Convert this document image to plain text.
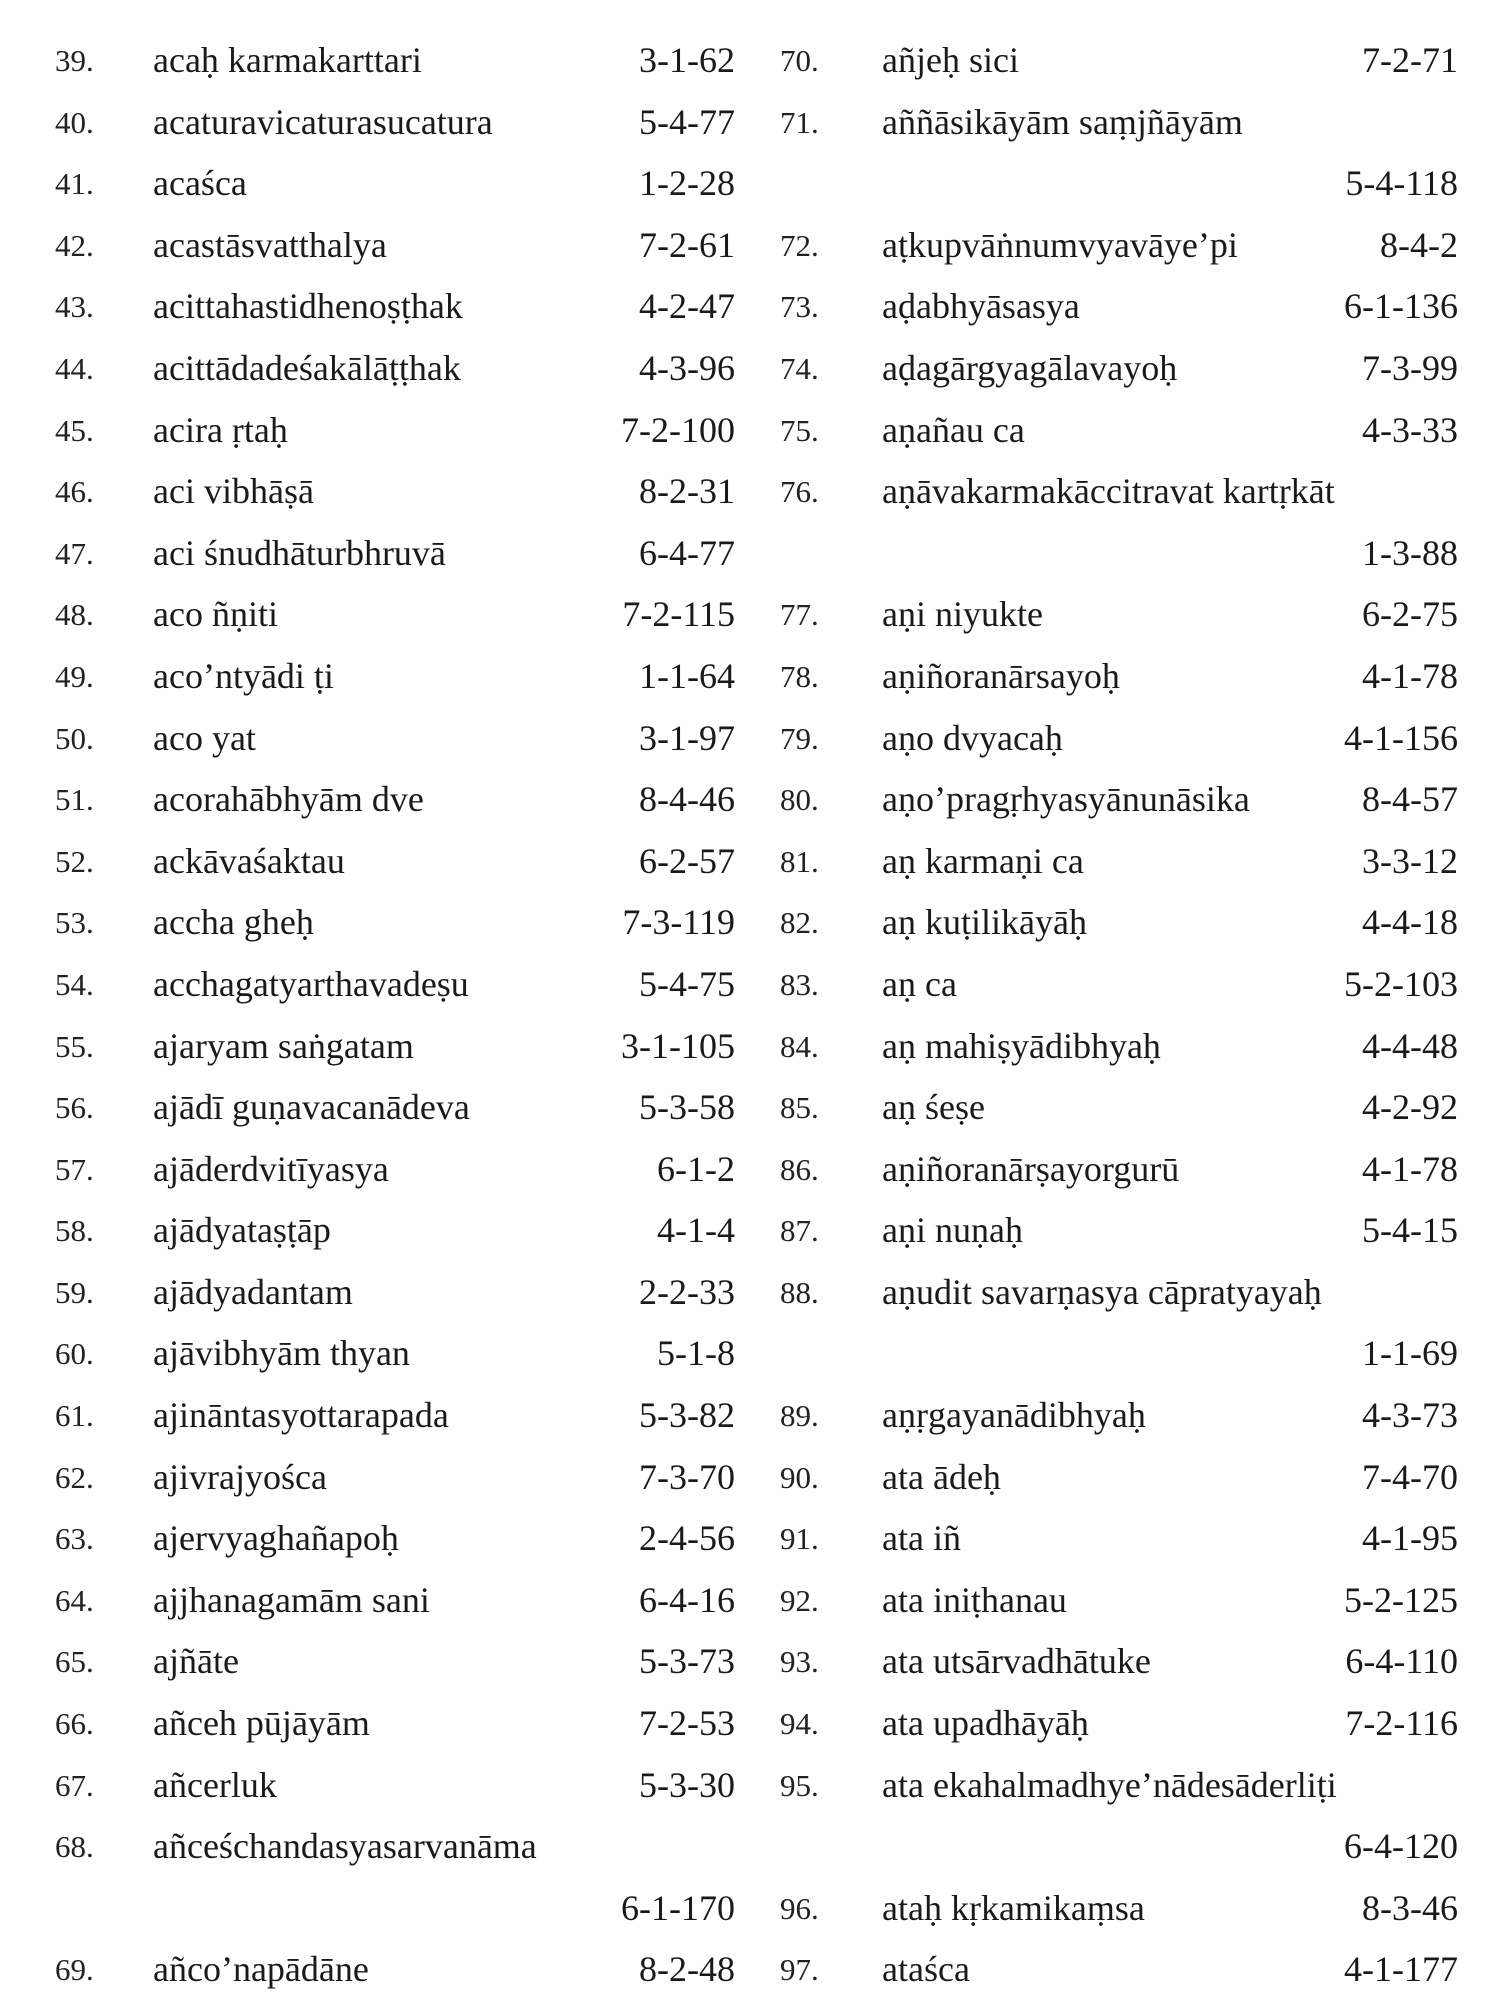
39. acaḥ karmakarttari	3-1-62
40. acaturavicaturasucatura	5-4-77
41. acaśca	1-2-28
42. acastāsvatthalya	7-2-61
43. acittahastidhenoṣṭhak	4-2-47
44. acittādadeśakālāṭṭhak	4-3-96
45. acira ṛtaḥ	7-2-100
46. aci vibhāṣā	8-2-31
47. aci śnudhāturbhruvā	6-4-77
48. aco ñṇiti	7-2-115
49. aco’ntyādi ṭi	1-1-64
50. aco yat	3-1-97
51. acorahābhyām dve	8-4-46
52. ackāvaśaktau	6-2-57
53. accha gheḥ	7-3-119
54. acchagatyarthavadeṣu	5-4-75
55. ajaryam saṅgatam	3-1-105
56. ajādī guṇavacanādeva	5-3-58
57. ajāderdvitīyasya	6-1-2
58. ajādyataṣṭāp	4-1-4
59. ajādyadantam	2-2-33
60. ajāvibhyām thyan	5-1-8
61. ajināntasyottarapada	5-3-82
62. ajivrajyośca	7-3-70
63. ajervyaghañapoḥ	2-4-56
64. ajjhanagamām sani	6-4-16
65. ajñāte	5-3-73
66. añceh pūjāyām	7-2-53
67. añcerluk	5-3-30
68. añceśchandasyasarvanāma
6-1-170
69. añco’napādāne	8-2-48
70. añjeḥ sici	7-2-71
71. aññāsikāyām saṃjñāyām
5-4-118
72. aṭkupvāṅnumvyavāye’pi	8-4-2
73. aḍabhyāsasya	6-1-136
74. aḍagārgyagālavayoḥ	7-3-99
75. aṇañau ca	4-3-33
76. aṇāvakarmakāccitravat kartṛkāt
1-3-88
77. aṇi niyukte	6-2-75
78. aṇiñoranārsayoḥ	4-1-78
79. aṇo dvyacaḥ	4-1-156
80. aṇo’pragṛhyasyānunāsika	8-4-57
81. aṇ karmaṇi ca	3-3-12
82. aṇ kuṭilikāyāḥ	4-4-18
83. aṇ ca	5-2-103
84. aṇ mahiṣyādibhyaḥ	4-4-48
85. aṇ śeṣe	4-2-92
86. aṇiñoranārṣayorgurū	4-1-78
87. aṇi nuṇaḥ	5-4-15
88. aṇudit savarṇasya cāpratyayaḥ
1-1-69
89. aṇṛgayanādibhyaḥ	4-3-73
90. ata ādeḥ	7-4-70
91. ata iñ	4-1-95
92. ata iniṭhanau	5-2-125
93. ata utsārvadhātuke	6-4-110
94. ata upadhāyāḥ	7-2-116
95. ata ekahalmadhye’nādesāderliṭi
6-4-120
96. ataḥ kṛkamikaṃsa	8-3-46
97. ataśca	4-1-177
